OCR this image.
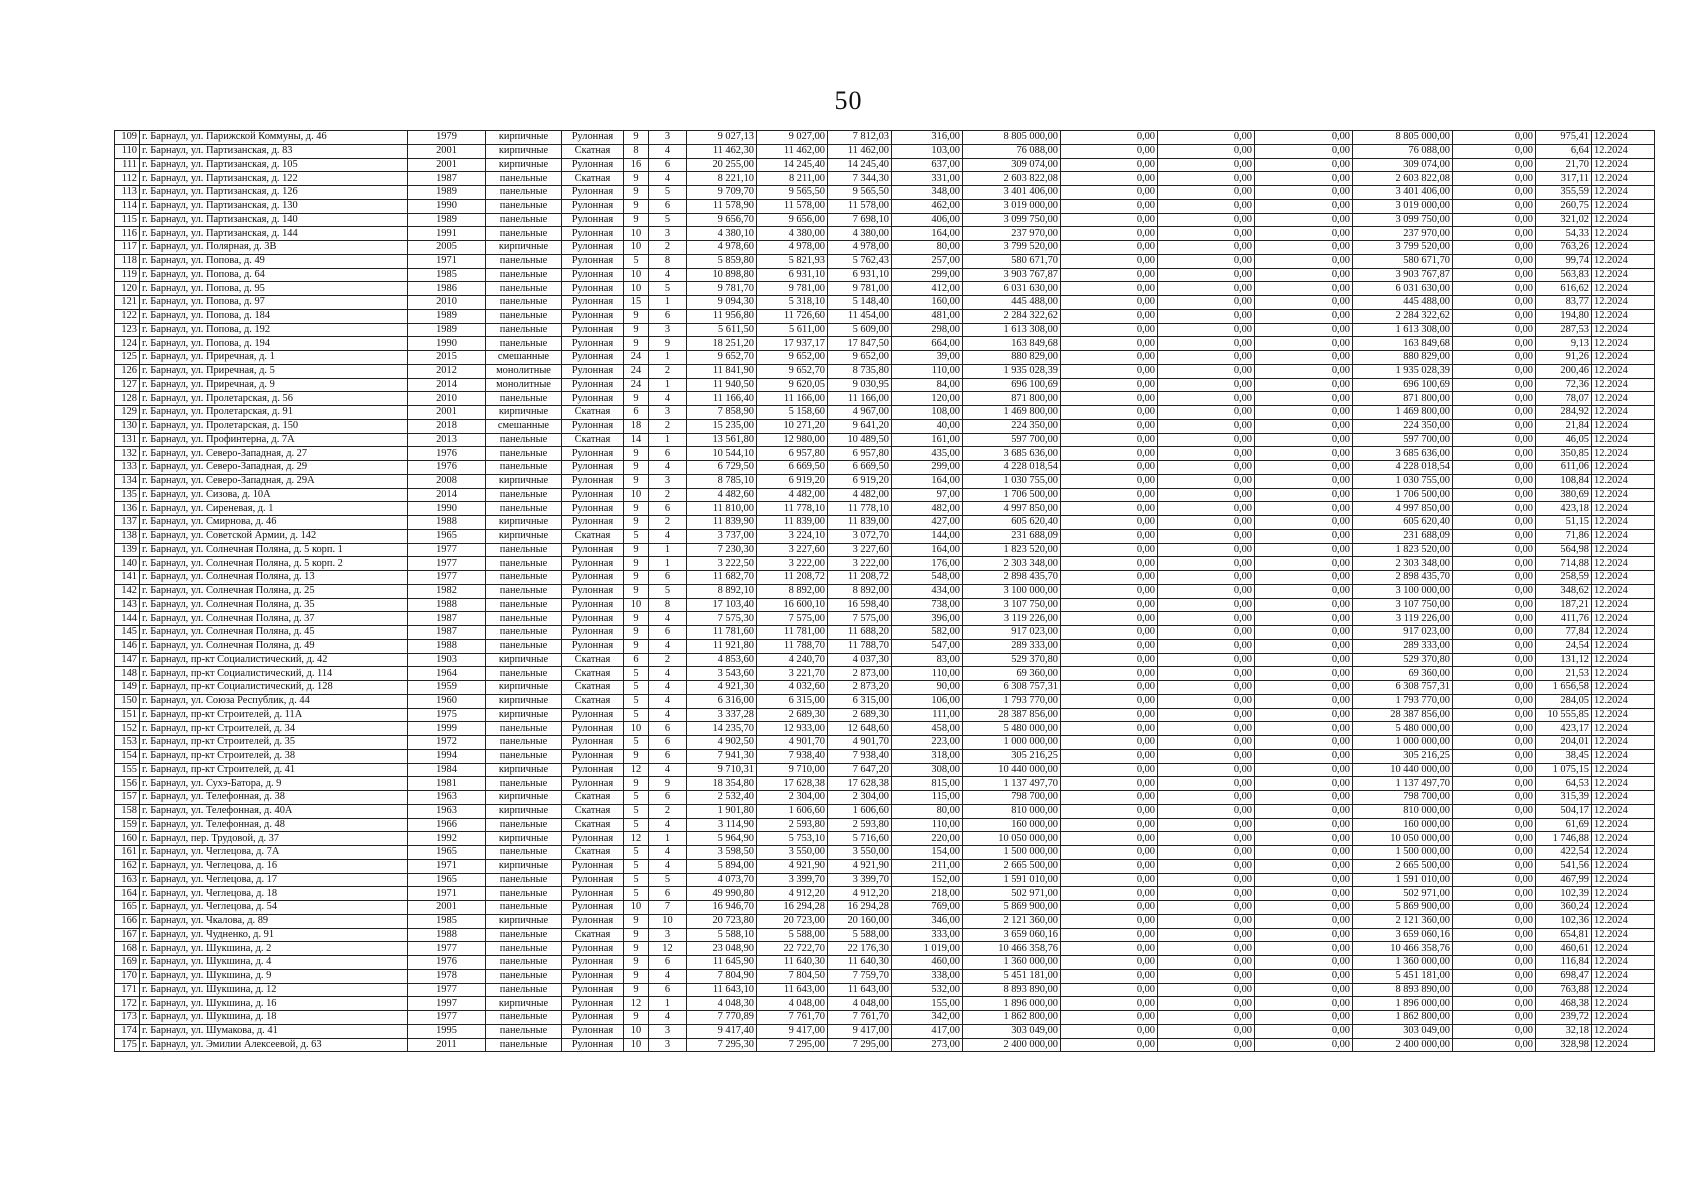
50
109	г. Барнаул, ул. Парижской Коммуны, д. 46	1979	кирпичные	Рулонная	9	3	9 027,13	9 027,00	7 812,03	316,00	8 805 000,00	0,00	0,00	0,00	8 805 000,00	0,00	975,41	12.2024
110	г. Барнаул, ул. Партизанская, д. 83	2001	кирпичные	Скатная	8	4	11 462,30	11 462,00	11 462,00	103,00	76 088,00	0,00	0,00	0,00	76 088,00	0,00	6,64	12.2024
111	г. Барнаул, ул. Партизанская, д. 105	2001	кирпичные	Рулонная	16	6	20 255,00	14 245,40	14 245,40	637,00	309 074,00	0,00	0,00	0,00	309 074,00	0,00	21,70	12.2024
112	г. Барнаул, ул. Партизанская, д. 122	1987	панельные	Скатная	9	4	8 221,10	8 211,00	7 344,30	331,00	2 603 822,08	0,00	0,00	0,00	2 603 822,08	0,00	317,11	12.2024
113	г. Барнаул, ул. Партизанская, д. 126	1989	панельные	Рулонная	9	5	9 709,70	9 565,50	9 565,50	348,00	3 401 406,00	0,00	0,00	0,00	3 401 406,00	0,00	355,59	12.2024
114	г. Барнаул, ул. Партизанская, д. 130	1990	панельные	Рулонная	9	6	11 578,90	11 578,00	11 578,00	462,00	3 019 000,00	0,00	0,00	0,00	3 019 000,00	0,00	260,75	12.2024
115	г. Барнаул, ул. Партизанская, д. 140	1989	панельные	Рулонная	9	5	9 656,70	9 656,00	7 698,10	406,00	3 099 750,00	0,00	0,00	0,00	3 099 750,00	0,00	321,02	12.2024
116	г. Барнаул, ул. Партизанская, д. 144	1991	панельные	Рулонная	10	3	4 380,10	4 380,00	4 380,00	164,00	237 970,00	0,00	0,00	0,00	237 970,00	0,00	54,33	12.2024
117	г. Барнаул, ул. Полярная, д. 3В	2005	кирпичные	Рулонная	10	2	4 978,60	4 978,00	4 978,00	80,00	3 799 520,00	0,00	0,00	0,00	3 799 520,00	0,00	763,26	12.2024
118	г. Барнаул, ул. Попова, д. 49	1971	панельные	Рулонная	5	8	5 859,80	5 821,93	5 762,43	257,00	580 671,70	0,00	0,00	0,00	580 671,70	0,00	99,74	12.2024
119	г. Барнаул, ул. Попова, д. 64	1985	панельные	Рулонная	10	4	10 898,80	6 931,10	6 931,10	299,00	3 903 767,87	0,00	0,00	0,00	3 903 767,87	0,00	563,83	12.2024
120	г. Барнаул, ул. Попова, д. 95	1986	панельные	Рулонная	10	5	9 781,70	9 781,00	9 781,00	412,00	6 031 630,00	0,00	0,00	0,00	6 031 630,00	0,00	616,62	12.2024
121	г. Барнаул, ул. Попова, д. 97	2010	панельные	Рулонная	15	1	9 094,30	5 318,10	5 148,40	160,00	445 488,00	0,00	0,00	0,00	445 488,00	0,00	83,77	12.2024
122	г. Барнаул, ул. Попова, д. 184	1989	панельные	Рулонная	9	6	11 956,80	11 726,60	11 454,00	481,00	2 284 322,62	0,00	0,00	0,00	2 284 322,62	0,00	194,80	12.2024
123	г. Барнаул, ул. Попова, д. 192	1989	панельные	Рулонная	9	3	5 611,50	5 611,00	5 609,00	298,00	1 613 308,00	0,00	0,00	0,00	1 613 308,00	0,00	287,53	12.2024
124	г. Барнаул, ул. Попова, д. 194	1990	панельные	Рулонная	9	9	18 251,20	17 937,17	17 847,50	664,00	163 849,68	0,00	0,00	0,00	163 849,68	0,00	9,13	12.2024
125	г. Барнаул, ул. Приречная, д. 1	2015	смешанные	Рулонная	24	1	9 652,70	9 652,00	9 652,00	39,00	880 829,00	0,00	0,00	0,00	880 829,00	0,00	91,26	12.2024
126	г. Барнаул, ул. Приречная, д. 5	2012	монолитные	Рулонная	24	2	11 841,90	9 652,70	8 735,80	110,00	1 935 028,39	0,00	0,00	0,00	1 935 028,39	0,00	200,46	12.2024
127	г. Барнаул, ул. Приречная, д. 9	2014	монолитные	Рулонная	24	1	11 940,50	9 620,05	9 030,95	84,00	696 100,69	0,00	0,00	0,00	696 100,69	0,00	72,36	12.2024
128	г. Барнаул, ул. Пролетарская, д. 56	2010	панельные	Рулонная	9	4	11 166,40	11 166,00	11 166,00	120,00	871 800,00	0,00	0,00	0,00	871 800,00	0,00	78,07	12.2024
129	г. Барнаул, ул. Пролетарская, д. 91	2001	кирпичные	Скатная	6	3	7 858,90	5 158,60	4 967,00	108,00	1 469 800,00	0,00	0,00	0,00	1 469 800,00	0,00	284,92	12.2024
130	г. Барнаул, ул. Пролетарская, д. 150	2018	смешанные	Рулонная	18	2	15 235,00	10 271,20	9 641,20	40,00	224 350,00	0,00	0,00	0,00	224 350,00	0,00	21,84	12.2024
131	г. Барнаул, ул. Профинтерна, д. 7А	2013	панельные	Скатная	14	1	13 561,80	12 980,00	10 489,50	161,00	597 700,00	0,00	0,00	0,00	597 700,00	0,00	46,05	12.2024
132	г. Барнаул, ул. Северо-Западная, д. 27	1976	панельные	Рулонная	9	6	10 544,10	6 957,80	6 957,80	435,00	3 685 636,00	0,00	0,00	0,00	3 685 636,00	0,00	350,85	12.2024
133	г. Барнаул, ул. Северо-Западная, д. 29	1976	панельные	Рулонная	9	4	6 729,50	6 669,50	6 669,50	299,00	4 228 018,54	0,00	0,00	0,00	4 228 018,54	0,00	611,06	12.2024
134	г. Барнаул, ул. Северо-Западная, д. 29А	2008	кирпичные	Рулонная	9	3	8 785,10	6 919,20	6 919,20	164,00	1 030 755,00	0,00	0,00	0,00	1 030 755,00	0,00	108,84	12.2024
135	г. Барнаул, ул. Сизова, д. 10А	2014	панельные	Рулонная	10	2	4 482,60	4 482,00	4 482,00	97,00	1 706 500,00	0,00	0,00	0,00	1 706 500,00	0,00	380,69	12.2024
136	г. Барнаул, ул. Сиреневая, д. 1	1990	панельные	Рулонная	9	6	11 810,00	11 778,10	11 778,10	482,00	4 997 850,00	0,00	0,00	0,00	4 997 850,00	0,00	423,18	12.2024
137	г. Барнаул, ул. Смирнова, д. 46	1988	кирпичные	Рулонная	9	2	11 839,90	11 839,00	11 839,00	427,00	605 620,40	0,00	0,00	0,00	605 620,40	0,00	51,15	12.2024
138	г. Барнаул, ул. Советской Армии, д. 142	1965	кирпичные	Скатная	5	4	3 737,00	3 224,10	3 072,70	144,00	231 688,09	0,00	0,00	0,00	231 688,09	0,00	71,86	12.2024
139	г. Барнаул, ул. Солнечная Поляна, д. 5 корп. 1	1977	панельные	Рулонная	9	1	7 230,30	3 227,60	3 227,60	164,00	1 823 520,00	0,00	0,00	0,00	1 823 520,00	0,00	564,98	12.2024
140	г. Барнаул, ул. Солнечная Поляна, д. 5 корп. 2	1977	панельные	Рулонная	9	1	3 222,50	3 222,00	3 222,00	176,00	2 303 348,00	0,00	0,00	0,00	2 303 348,00	0,00	714,88	12.2024
141	г. Барнаул, ул. Солнечная Поляна, д. 13	1977	панельные	Рулонная	9	6	11 682,70	11 208,72	11 208,72	548,00	2 898 435,70	0,00	0,00	0,00	2 898 435,70	0,00	258,59	12.2024
142	г. Барнаул, ул. Солнечная Поляна, д. 25	1982	панельные	Рулонная	9	5	8 892,10	8 892,00	8 892,00	434,00	3 100 000,00	0,00	0,00	0,00	3 100 000,00	0,00	348,62	12.2024
143	г. Барнаул, ул. Солнечная Поляна, д. 35	1988	панельные	Рулонная	10	8	17 103,40	16 600,10	16 598,40	738,00	3 107 750,00	0,00	0,00	0,00	3 107 750,00	0,00	187,21	12.2024
144	г. Барнаул, ул. Солнечная Поляна, д. 37	1987	панельные	Рулонная	9	4	7 575,30	7 575,00	7 575,00	396,00	3 119 226,00	0,00	0,00	0,00	3 119 226,00	0,00	411,76	12.2024
145	г. Барнаул, ул. Солнечная Поляна, д. 45	1987	панельные	Рулонная	9	6	11 781,60	11 781,00	11 688,20	582,00	917 023,00	0,00	0,00	0,00	917 023,00	0,00	77,84	12.2024
146	г. Барнаул, ул. Солнечная Поляна, д. 49	1988	панельные	Рулонная	9	4	11 921,80	11 788,70	11 788,70	547,00	289 333,00	0,00	0,00	0,00	289 333,00	0,00	24,54	12.2024
147	г. Барнаул, пр-кт Социалистический, д. 42	1903	кирпичные	Скатная	6	2	4 853,60	4 240,70	4 037,30	83,00	529 370,80	0,00	0,00	0,00	529 370,80	0,00	131,12	12.2024
148	г. Барнаул, пр-кт Социалистический, д. 114	1964	панельные	Скатная	5	4	3 543,60	3 221,70	2 873,00	110,00	69 360,00	0,00	0,00	0,00	69 360,00	0,00	21,53	12.2024
149	г. Барнаул, пр-кт Социалистический, д. 128	1959	кирпичные	Скатная	5	4	4 921,30	4 032,60	2 873,20	90,00	6 308 757,31	0,00	0,00	0,00	6 308 757,31	0,00	1 656,58	12.2024
150	г. Барнаул, ул. Союза Республик, д. 44	1960	кирпичные	Скатная	5	4	6 316,00	6 315,00	6 315,00	106,00	1 793 770,00	0,00	0,00	0,00	1 793 770,00	0,00	284,05	12.2024
151	г. Барнаул, пр-кт Строителей, д. 11А	1975	кирпичные	Рулонная	5	4	3 337,28	2 689,30	2 689,30	111,00	28 387 856,00	0,00	0,00	0,00	28 387 856,00	0,00	10 555,85	12.2024
152	г. Барнаул, пр-кт Строителей, д. 34	1999	панельные	Рулонная	10	6	14 235,70	12 933,00	12 648,60	458,00	5 480 000,00	0,00	0,00	0,00	5 480 000,00	0,00	423,17	12.2024
153	г. Барнаул, пр-кт Строителей, д. 35	1972	панельные	Рулонная	5	6	4 902,50	4 901,70	4 901,70	223,00	1 000 000,00	0,00	0,00	0,00	1 000 000,00	0,00	204,01	12.2024
154	г. Барнаул, пр-кт Строителей, д. 38	1994	панельные	Рулонная	9	6	7 941,30	7 938,40	7 938,40	318,00	305 216,25	0,00	0,00	0,00	305 216,25	0,00	38,45	12.2024
155	г. Барнаул, пр-кт Строителей, д. 41	1984	кирпичные	Рулонная	12	4	9 710,31	9 710,00	7 647,20	308,00	10 440 000,00	0,00	0,00	0,00	10 440 000,00	0,00	1 075,15	12.2024
156	г. Барнаул, ул. Сухэ-Батора, д. 9	1981	панельные	Рулонная	9	9	18 354,80	17 628,38	17 628,38	815,00	1 137 497,70	0,00	0,00	0,00	1 137 497,70	0,00	64,53	12.2024
157	г. Барнаул, ул. Телефонная, д. 38	1963	кирпичные	Скатная	5	6	2 532,40	2 304,00	2 304,00	115,00	798 700,00	0,00	0,00	0,00	798 700,00	0,00	315,39	12.2024
158	г. Барнаул, ул. Телефонная, д. 40А	1963	кирпичные	Скатная	5	2	1 901,80	1 606,60	1 606,60	80,00	810 000,00	0,00	0,00	0,00	810 000,00	0,00	504,17	12.2024
159	г. Барнаул, ул. Телефонная, д. 48	1966	панельные	Скатная	5	4	3 114,90	2 593,80	2 593,80	110,00	160 000,00	0,00	0,00	0,00	160 000,00	0,00	61,69	12.2024
160	г. Барнаул, пер. Трудовой, д. 37	1992	кирпичные	Рулонная	12	1	5 964,90	5 753,10	5 716,60	220,00	10 050 000,00	0,00	0,00	0,00	10 050 000,00	0,00	1 746,88	12.2024
161	г. Барнаул, ул. Чеглецова, д. 7А	1965	панельные	Скатная	5	4	3 598,50	3 550,00	3 550,00	154,00	1 500 000,00	0,00	0,00	0,00	1 500 000,00	0,00	422,54	12.2024
162	г. Барнаул, ул. Чеглецова, д. 16	1971	кирпичные	Рулонная	5	4	5 894,00	4 921,90	4 921,90	211,00	2 665 500,00	0,00	0,00	0,00	2 665 500,00	0,00	541,56	12.2024
163	г. Барнаул, ул. Чеглецова, д. 17	1965	панельные	Рулонная	5	5	4 073,70	3 399,70	3 399,70	152,00	1 591 010,00	0,00	0,00	0,00	1 591 010,00	0,00	467,99	12.2024
164	г. Барнаул, ул. Чеглецова, д. 18	1971	панельные	Рулонная	5	6	49 990,80	4 912,20	4 912,20	218,00	502 971,00	0,00	0,00	0,00	502 971,00	0,00	102,39	12.2024
165	г. Барнаул, ул. Чеглецова, д. 54	2001	панельные	Рулонная	10	7	16 946,70	16 294,28	16 294,28	769,00	5 869 900,00	0,00	0,00	0,00	5 869 900,00	0,00	360,24	12.2024
166	г. Барнаул, ул. Чкалова, д. 89	1985	кирпичные	Рулонная	9	10	20 723,80	20 723,00	20 160,00	346,00	2 121 360,00	0,00	0,00	0,00	2 121 360,00	0,00	102,36	12.2024
167	г. Барнаул, ул. Чудненко, д. 91	1988	панельные	Скатная	9	3	5 588,10	5 588,00	5 588,00	333,00	3 659 060,16	0,00	0,00	0,00	3 659 060,16	0,00	654,81	12.2024
168	г. Барнаул, ул. Шукшина, д. 2	1977	панельные	Рулонная	9	12	23 048,90	22 722,70	22 176,30	1 019,00	10 466 358,76	0,00	0,00	0,00	10 466 358,76	0,00	460,61	12.2024
169	г. Барнаул, ул. Шукшина, д. 4	1976	панельные	Рулонная	9	6	11 645,90	11 640,30	11 640,30	460,00	1 360 000,00	0,00	0,00	0,00	1 360 000,00	0,00	116,84	12.2024
170	г. Барнаул, ул. Шукшина, д. 9	1978	панельные	Рулонная	9	4	7 804,90	7 804,50	7 759,70	338,00	5 451 181,00	0,00	0,00	0,00	5 451 181,00	0,00	698,47	12.2024
171	г. Барнаул, ул. Шукшина, д. 12	1977	панельные	Рулонная	9	6	11 643,10	11 643,00	11 643,00	532,00	8 893 890,00	0,00	0,00	0,00	8 893 890,00	0,00	763,88	12.2024
172	г. Барнаул, ул. Шукшина, д. 16	1997	кирпичные	Рулонная	12	1	4 048,30	4 048,00	4 048,00	155,00	1 896 000,00	0,00	0,00	0,00	1 896 000,00	0,00	468,38	12.2024
173	г. Барнаул, ул. Шукшина, д. 18	1977	панельные	Рулонная	9	4	7 770,89	7 761,70	7 761,70	342,00	1 862 800,00	0,00	0,00	0,00	1 862 800,00	0,00	239,72	12.2024
174	г. Барнаул, ул. Шумакова, д. 41	1995	панельные	Рулонная	10	3	9 417,40	9 417,00	9 417,00	417,00	303 049,00	0,00	0,00	0,00	303 049,00	0,00	32,18	12.2024
175	г. Барнаул, ул. Эмилии Алексеевой, д. 63	2011	панельные	Рулонная	10	3	7 295,30	7 295,00	7 295,00	273,00	2 400 000,00	0,00	0,00	0,00	2 400 000,00	0,00	328,98	12.2024
